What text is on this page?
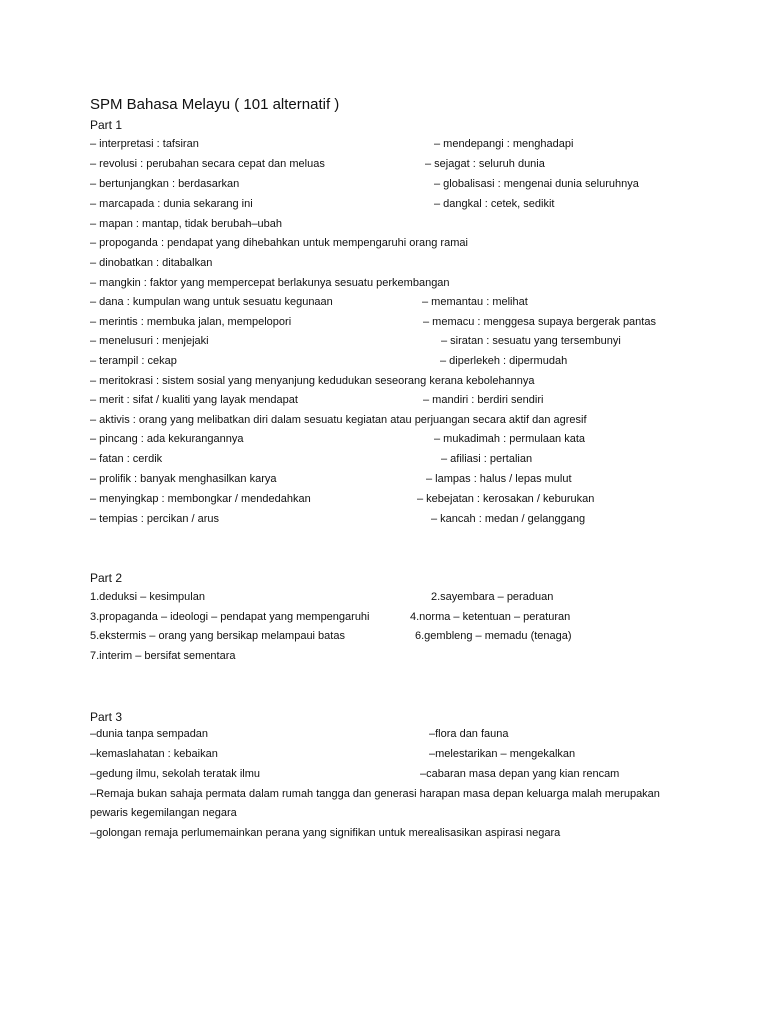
SPM Bahasa Melayu ( 101 alternatif )
Part 1
– interpretasi : tafsiran	– mendepangi : menghadapi
– revolusi : perubahan secara cepat dan meluas	– sejagat : seluruh dunia
– bertunjangkan : berdasarkan	– globalisasi : mengenai dunia seluruhnya
– marcapada : dunia sekarang ini	– dangkal : cetek, sedikit
– mapan : mantap, tidak berubah–ubah
– propoganda : pendapat yang dihebahkan untuk mempengaruhi orang ramai
– dinobatkan : ditabalkan
– mangkin : faktor yang mempercepat berlakunya sesuatu perkembangan
– dana : kumpulan wang untuk sesuatu kegunaan	– memantau : melihat
– merintis : membuka jalan, mempelopori	– memacu : menggesa supaya bergerak pantas
– menelusuri : menjejaki	– siratan : sesuatu yang tersembunyi
– terampil : cekap	– diperlekeh : dipermudah
– meritokrasi : sistem sosial yang menyanjung kedudukan seseorang kerana kebolehannya
– merit : sifat / kualiti yang layak mendapat	– mandiri : berdiri sendiri
– aktivis : orang yang melibatkan diri dalam sesuatu kegiatan atau perjuangan secara aktif dan agresif
– pincang : ada kekurangannya	– mukadimah : permulaan kata
– fatan : cerdik	– afiliasi : pertalian
– prolifik : banyak menghasilkan karya	– lampas : halus / lepas mulut
– menyingkap : membongkar / mendedahkan	– kebejatan : kerosakan / keburukan
– tempias : percikan / arus	– kancah : medan / gelanggang
Part 2
1.deduksi – kesimpulan	2.sayembara – peraduan
3.propaganda – ideologi – pendapat yang mempengaruhi	4.norma – ketentuan – peraturan
5.ekstermis – orang yang bersikap melampaui batas	6.gembleng – memadu (tenaga)
7.interim – bersifat sementara
Part 3
–dunia tanpa sempadan	–flora dan fauna
–kemaslahatan : kebaikan	–melestarikan – mengekalkan
–gedung ilmu, sekolah teratak ilmu	–cabaran masa depan yang kian rencam
–Remaja bukan sahaja permata dalam rumah tangga dan generasi harapan masa depan keluarga malah merupakan
pewaris kegemilangan negara
–golongan remaja perlumemainkan perana yang signifikan untuk merealisasikan aspirasi negara
